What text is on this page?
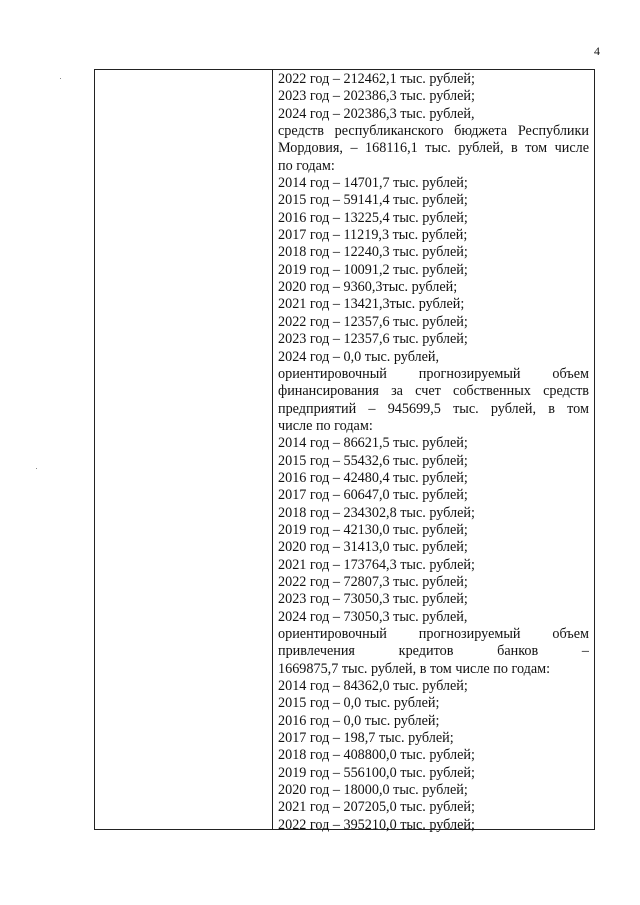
4
2022 год – 212462,1 тыс. рублей;
2023 год – 202386,3 тыс. рублей;
2024 год – 202386,3 тыс. рублей,
средств республиканского бюджета Республики
Мордовия, – 168116,1 тыс. рублей, в том числе
по годам:
2014 год – 14701,7 тыс. рублей;
2015 год – 59141,4 тыс. рублей;
2016 год – 13225,4 тыс. рублей;
2017 год – 11219,3 тыс. рублей;
2018 год – 12240,3 тыс. рублей;
2019 год – 10091,2 тыс. рублей;
2020 год – 9360,3тыс. рублей;
2021 год – 13421,3тыс. рублей;
2022 год – 12357,6 тыс. рублей;
2023 год – 12357,6 тыс. рублей;
2024 год – 0,0 тыс. рублей,
ориентировочный прогнозируемый объем
финансирования за счет собственных средств
предприятий – 945699,5 тыс. рублей, в том
числе по годам:
2014 год – 86621,5 тыс. рублей;
2015 год – 55432,6 тыс. рублей;
2016 год – 42480,4 тыс. рублей;
2017 год – 60647,0 тыс. рублей;
2018 год – 234302,8 тыс. рублей;
2019 год – 42130,0 тыс. рублей;
2020 год – 31413,0 тыс. рублей;
2021 год – 173764,3 тыс. рублей;
2022 год – 72807,3 тыс. рублей;
2023 год – 73050,3 тыс. рублей;
2024 год – 73050,3 тыс. рублей,
ориентировочный прогнозируемый объем
привлечения кредитов банков –
1669875,7 тыс. рублей, в том числе по годам:
2014 год – 84362,0 тыс. рублей;
2015 год – 0,0 тыс. рублей;
2016 год – 0,0 тыс. рублей;
2017 год – 198,7 тыс. рублей;
2018 год – 408800,0 тыс. рублей;
2019 год – 556100,0 тыс. рублей;
2020 год – 18000,0 тыс. рублей;
2021 год – 207205,0 тыс. рублей;
2022 год – 395210,0 тыс. рублей;
